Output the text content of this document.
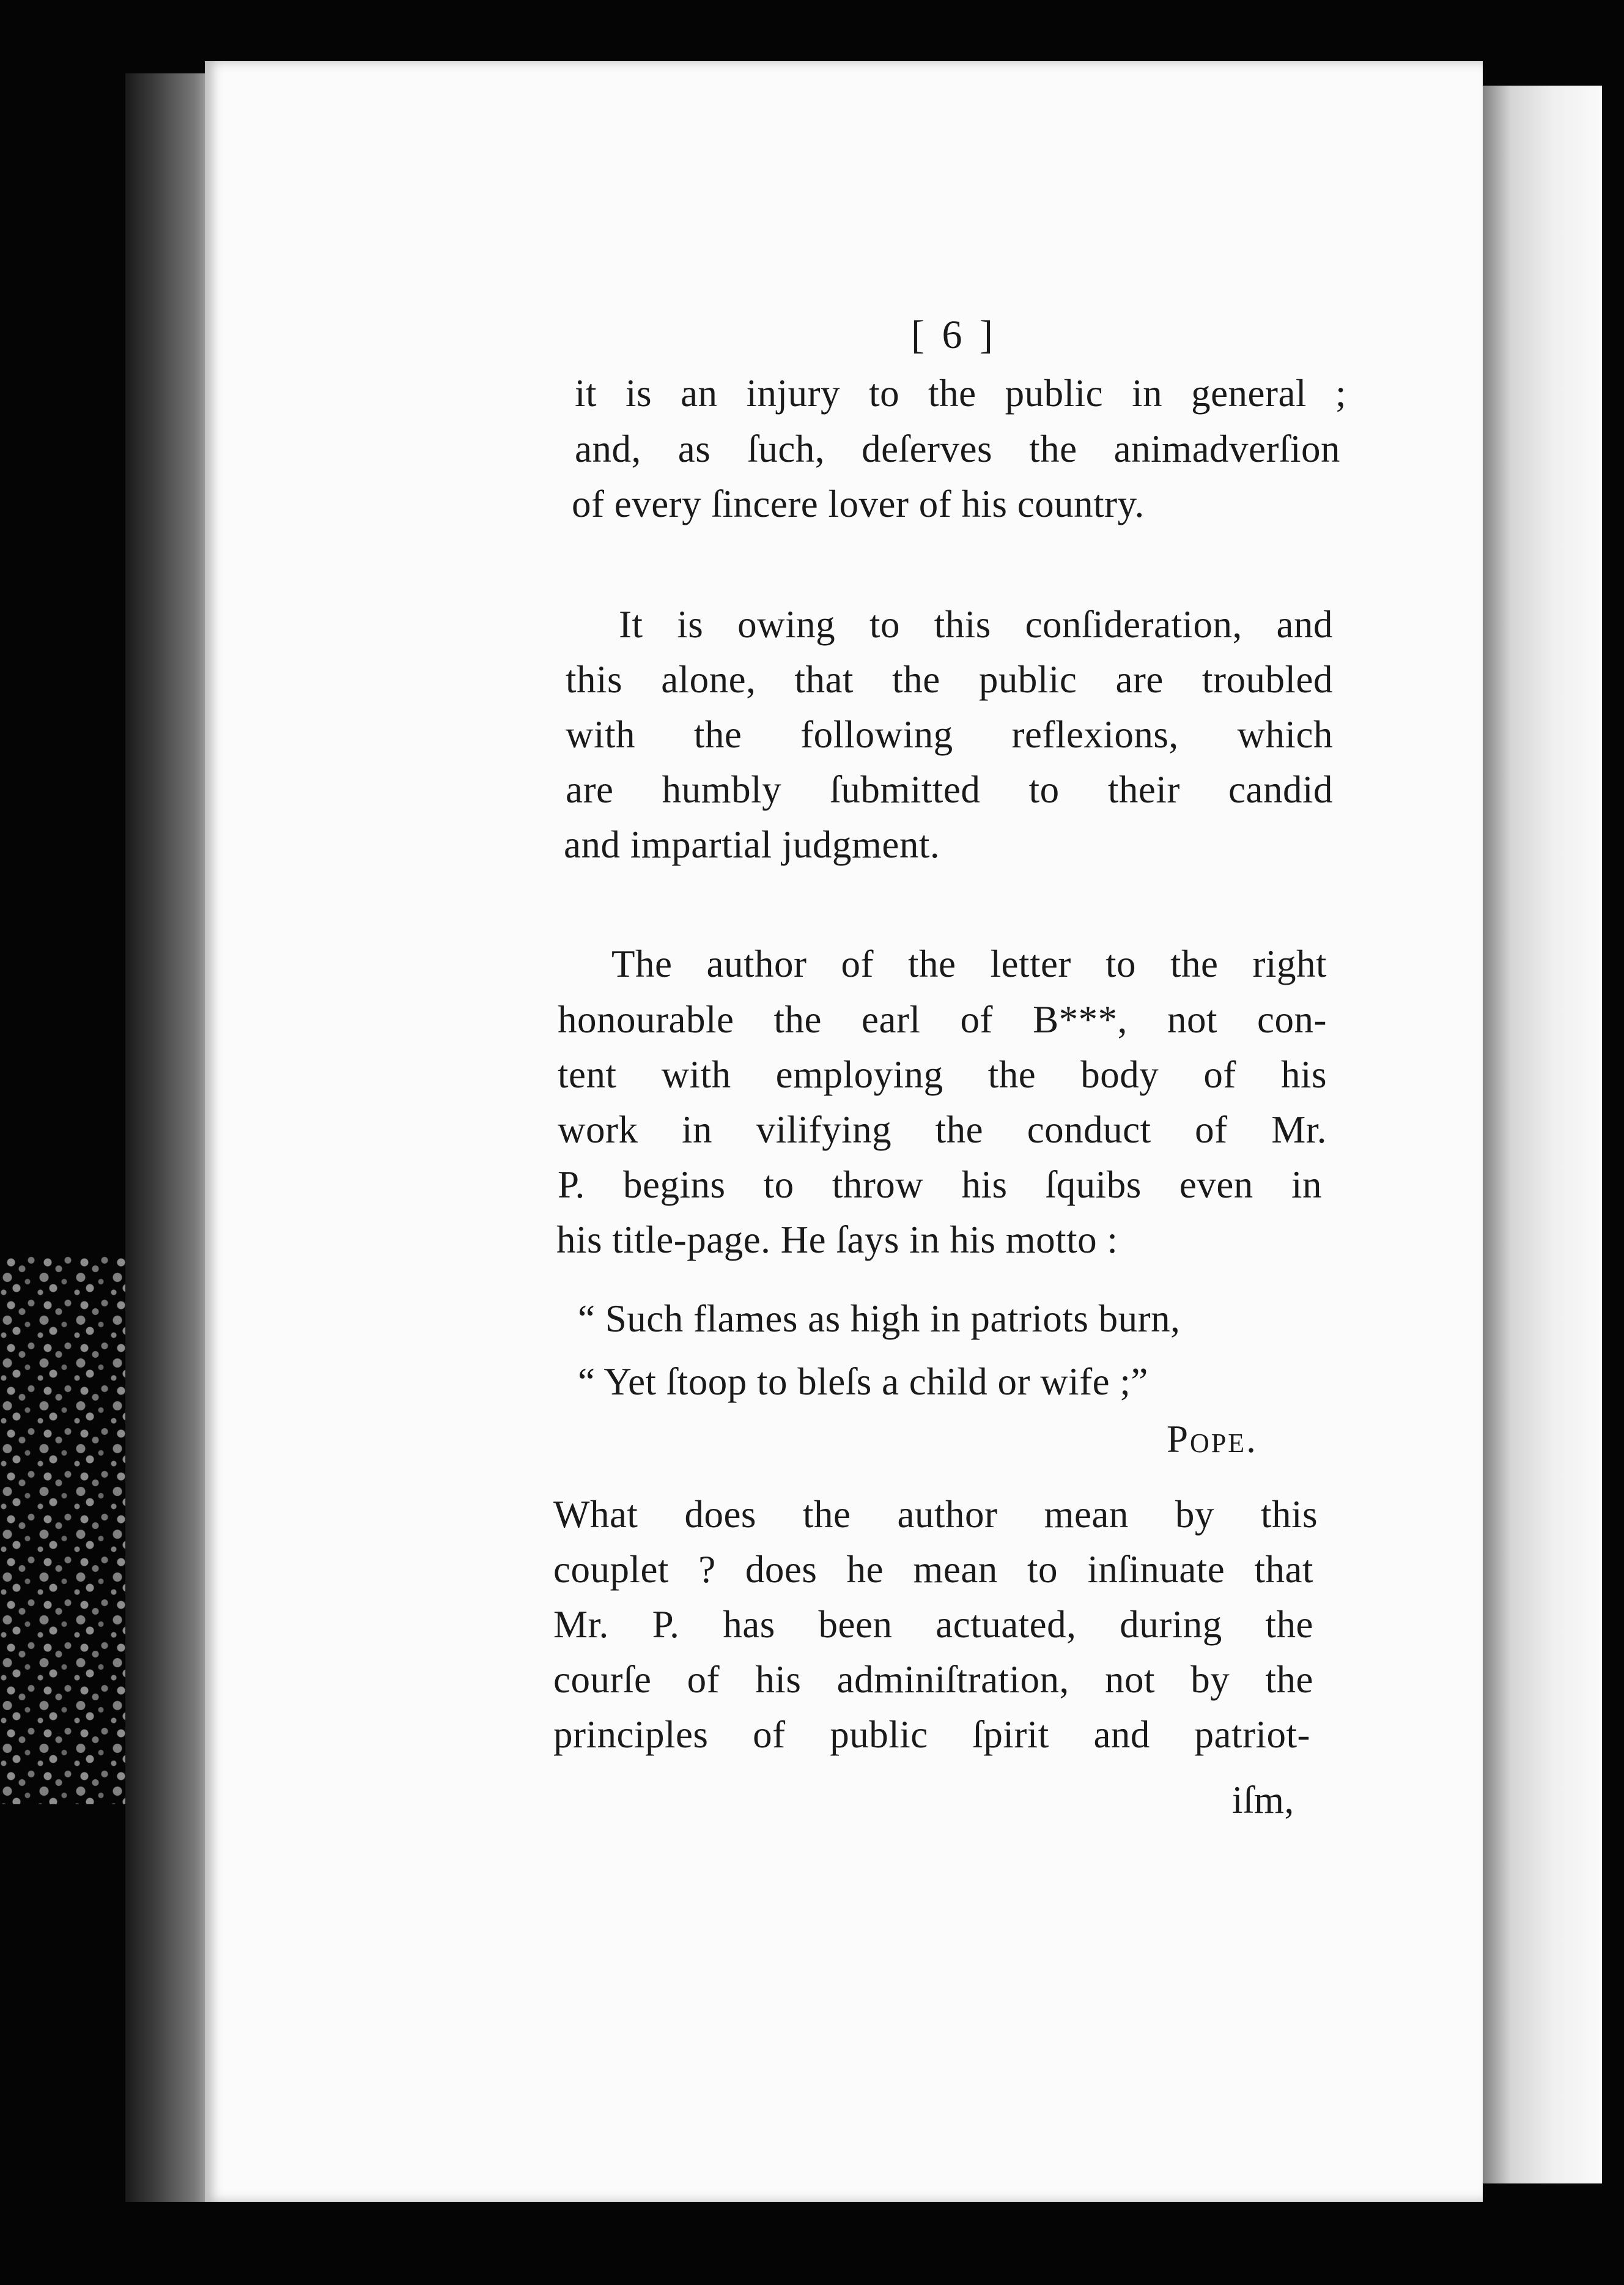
[ 6 ]
it is an injury to the public in general ;
and, as ſuch, deſerves the animadverſion
of every ſincere lover of his country.
It is owing to this conſideration, and
this alone, that the public are troubled
with the following reflexions, which
are humbly ſubmitted to their candid
and impartial judgment.
The author of the letter to the right
honourable the earl of B***, not con-
tent with employing the body of his
work in vilifying the conduct of Mr.
P. begins to throw his ſquibs even in
his title-page. He ſays in his motto :
“ Such flames as high in patriots burn,
“ Yet ſtoop to bleſs a child or wife ;”
Pope.
What does the author mean by this
couplet ? does he mean to inſinuate that
Mr. P. has been actuated, during the
courſe of his adminiſtration, not by the
principles of public ſpirit and patriot-
iſm,
